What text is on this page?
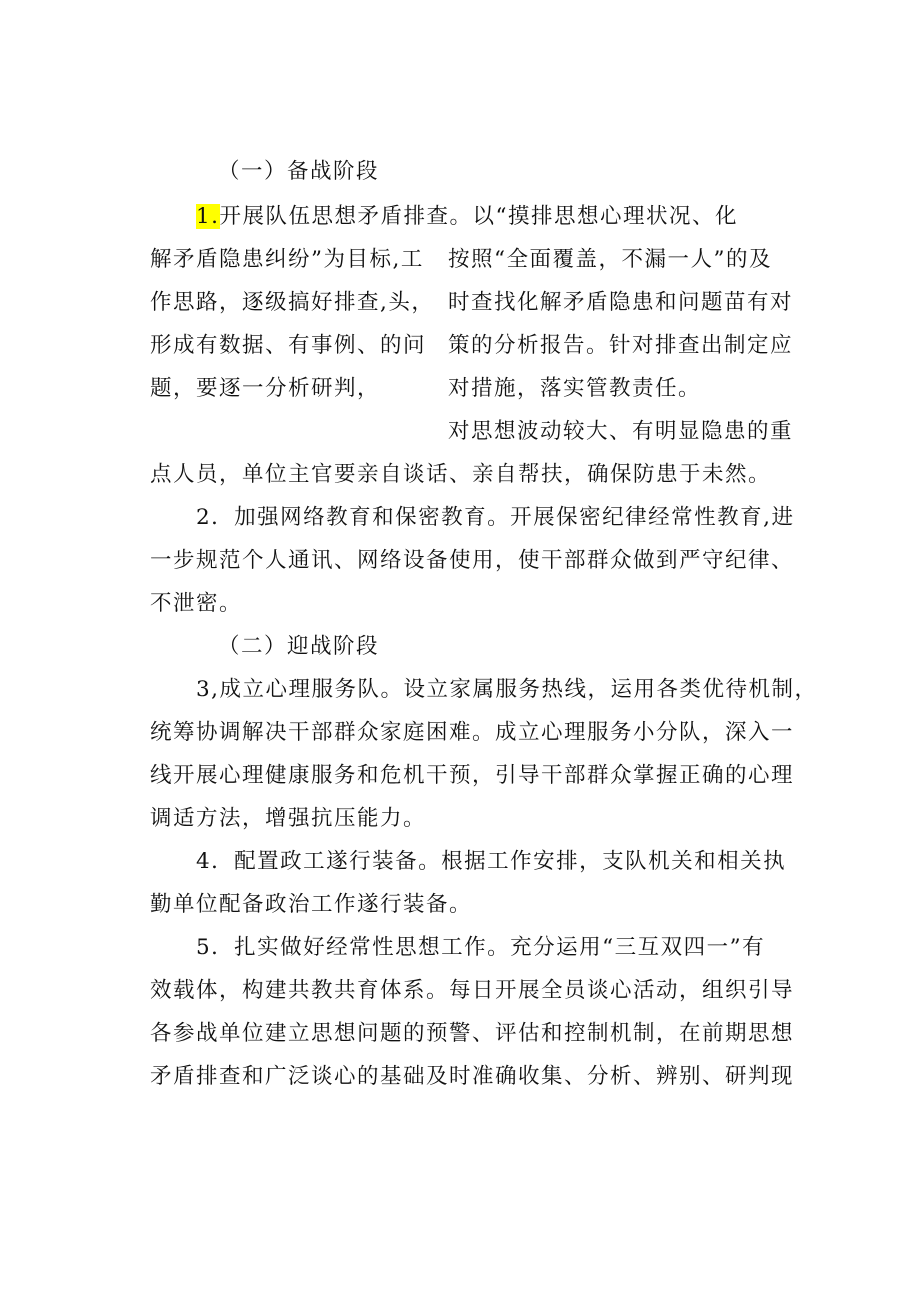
（一）备战阶段
1.开展队伍思想矛盾排查。以“摸排思想心理状况、化
解矛盾隐患纠纷”为目标,工
作思路，逐级搞好排查,头，
形成有数据、有事例、的问
题，要逐一分析研判，
按照“全面覆盖，不漏一人”的及
时查找化解矛盾隐患和问题苗有对
策的分析报告。针对排查出制定应
对措施，落实管教责任。
对思想波动较大、有明显隐患的重
点人员，单位主官要亲自谈话、亲自帮扶，确保防患于未然。
2．加强网络教育和保密教育。开展保密纪律经常性教育,进
一步规范个人通讯、网络设备使用，使干部群众做到严守纪律、
不泄密。
（二）迎战阶段
3,成立心理服务队。设立家属服务热线，运用各类优待机制，
统筹协调解决干部群众家庭困难。成立心理服务小分队，深入一
线开展心理健康服务和危机干预，引导干部群众掌握正确的心理
调适方法，增强抗压能力。
4．配置政工遂行装备。根据工作安排，支队机关和相关执
勤单位配备政治工作遂行装备。
5．扎实做好经常性思想工作。充分运用“三互双四一”有
效载体，构建共教共育体系。每日开展全员谈心活动，组织引导
各参战单位建立思想问题的预警、评估和控制机制，在前期思想
矛盾排查和广泛谈心的基础及时准确收集、分析、辨别、研判现
